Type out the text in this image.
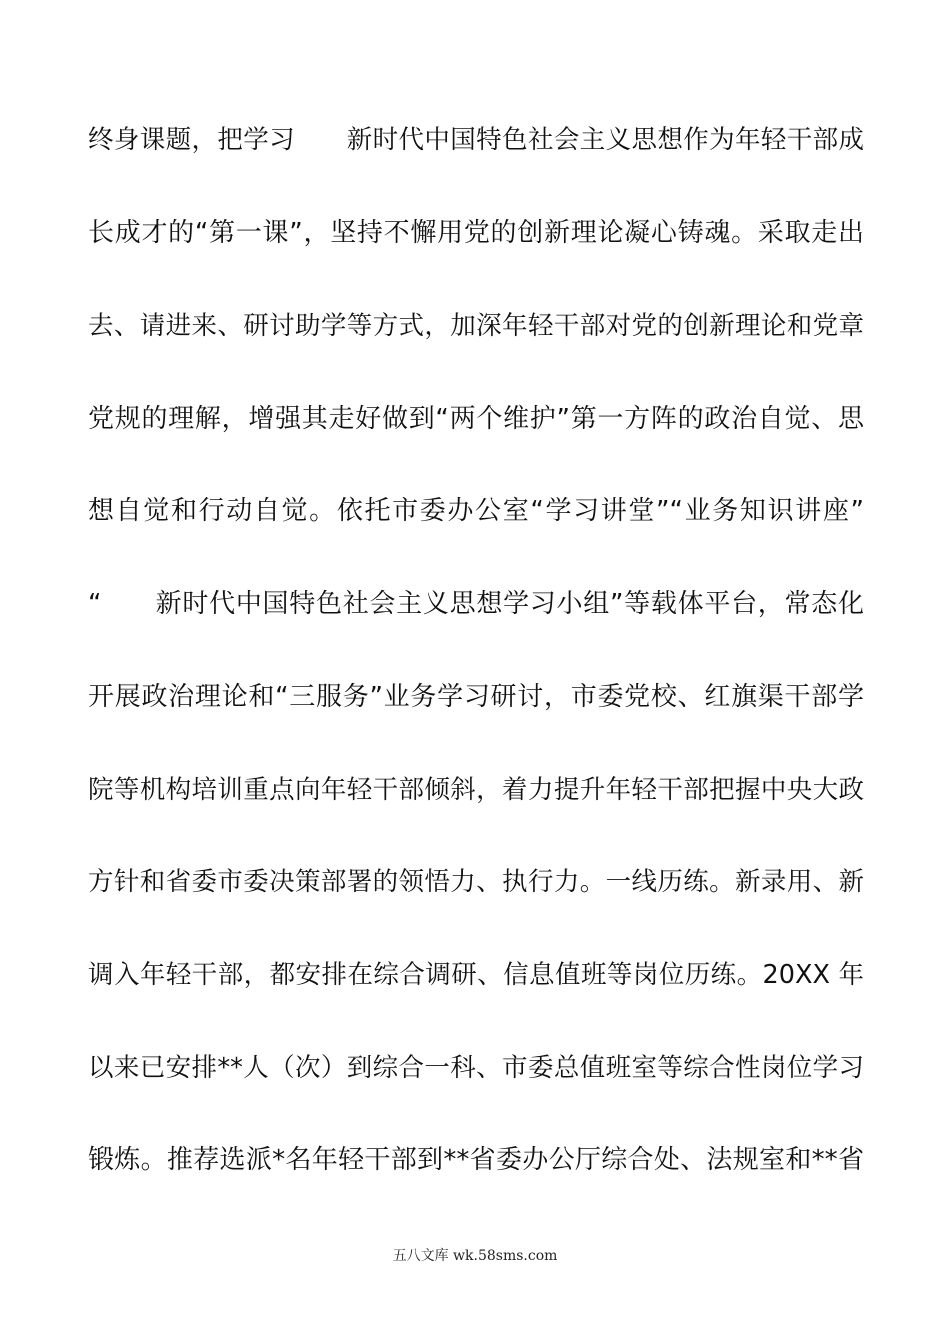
终身课题，把学习　　新时代中国特色社会主义思想作为年轻干部成
长成才的“第一课”，坚持不懈用党的创新理论凝心铸魂。采取走出
去、请进来、研讨助学等方式，加深年轻干部对党的创新理论和党章
党规的理解，增强其走好做到“两个维护”第一方阵的政治自觉、思
想自觉和行动自觉。依托市委办公室“学习讲堂”“业务知识讲座”
“　　新时代中国特色社会主义思想学习小组”等载体平台，常态化
开展政治理论和“三服务”业务学习研讨，市委党校、红旗渠干部学
院等机构培训重点向年轻干部倾斜，着力提升年轻干部把握中央大政
方针和省委市委决策部署的领悟力、执行力。一线历练。新录用、新
调入年轻干部，都安排在综合调研、信息值班等岗位历练。20XX 年
以来已安排**人（次）到综合一科、市委总值班室等综合性岗位学习
锻炼。推荐选派*名年轻干部到**省委办公厅综合处、法规室和**省
五八文库 wk.58sms.com
